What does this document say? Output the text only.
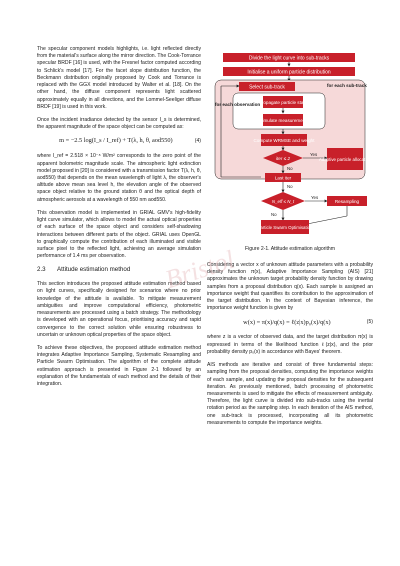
The specular component models highlights, i.e. light reflected directly from the material's surface along the mirror direction. The Cook-Torrance specular BRDF [16] is used, with the Fresnel factor computed according to Schlick's model [17]. For the facet slope distribution function, the Beckmann distribution originally proposed by Cook and Torrance is replaced with the GGX model introduced by Walter et al. [18]. On the other hand, the diffuse component represents light scattered approximately equally in all directions, and the Lommel-Seeliger diffuse BRDF [19] is used in this work.

Once the incident irradiance detected by the sensor I_s is determined, the apparent magnitude of the space object can be computed as:

m = −2.5 log(I_s / I_ref) + T(λ, h, θ, aod550)	(4)

where I_ref = 2.518 × 10⁻⁸ W/m² corresponds to the zero point of the apparent bolometric magnitude scale. The atmospheric light extinction model proposed in [20] is considered with a transmission factor T(λ, h, θ, aod550) that depends on the mean wavelength of light λ, the observer's altitude above mean sea level h, the elevation angle of the observed space object relative to the ground station θ and the optical depth of atmospheric aerosols at a wavelength of 550 nm aod550.

This observation model is implemented in GRIAL GMV's high-fidelity light curve simulator, which allows to model the actual optical properties of each surface of the space object and considers self-shadowing interactions between different parts of the object. GRIAL uses OpenGL to graphically compute the contribution of each illuminated and visible surface pixel to the reflected light, achieving an average simulation performance of 1.4 ms per observation.

2.3 Attitude estimation method

This section introduces the proposed attitude estimation method based on light curves, specifically designed for scenarios where no prior knowledge of the attitude is available. To mitigate measurement ambiguities and improve computational efficiency, photometric measurements are processed using a batch strategy. The methodology is developed with an operational focus, prioritising accuracy and rapid convergence to the correct solution while ensuring robustness to uncertain or unknown optical properties of the space object.

To achieve these objectives, the proposed attitude estimation method integrates Adaptive Importance Sampling, Systematic Resampling and Particle Swarm Optimisation. The algorithm of the complete attitude estimation approach is presented in Figure 2-1 followed by an explanation of the fundamentals of each method and the details of their integration.

Divide the light curve into sub-tracks
Initialise a uniform particle distribution
Select sub-track	for each sub-track
Propagate particle state
Simulate measurement
for each observation
Compute WRMSE and weight
iter ≤ 2
Yes
Adaptive particle allocation
No
Last iter
No
N_eff ≤ N_t
Yes
Resampling
No
Particle Swarm Optimisation
Figure 2-1. Attitude estimation algorithm

Considering a vector x of unknown attitude parameters with a probability density function π(x), Adaptive Importance Sampling (AIS) [21] approximates the unknown target probability density function by drawing samples from a proposal distribution q(x). Each sample is assigned an importance weight that quantifies its contribution to the approximation of the target distribution. In the context of Bayesian inference, the importance weight function is given by

w(x) = π(x)/q(x) = ℓ(z|x)p₀(x)/q(x)	(5)

where z is a vector of observed data, and the target distribution π(x) is expressed in terms of the likelihood function ℓ(z|x), and the prior probability density p₀(x) in accordance with Bayes' theorem.

AIS methods are iterative and consist of three fundamental steps: sampling from the proposal densities, computing the importance weights of each sample, and updating the proposal densities for the subsequent iteration. As previously mentioned, batch processing of photometric measurements is used to mitigate the effects of measurement ambiguity. Therefore, the light curve is divided into sub-tracks using the inertial rotation period as the sampling step. In each iteration of the AIS method, one sub-track is processed, incorporating all its photometric measurements to compute the importance weights.

Bristol
